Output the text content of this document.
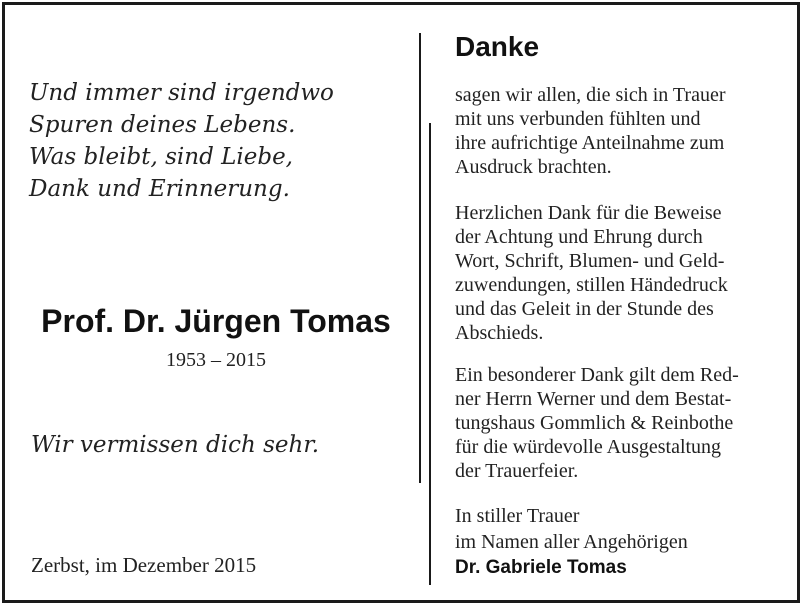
Und immer sind irgendwo
Spuren deines Lebens.
Was bleibt, sind Liebe,
Dank und Erinnerung.
Prof. Dr. Jürgen Tomas
1953 – 2015
Wir vermissen dich sehr.
Zerbst, im Dezember 2015
Danke
sagen wir allen, die sich in Trauer
mit uns verbunden fühlten und
ihre aufrichtige Anteilnahme zum
Ausdruck brachten.
Herzlichen Dank für die Beweise
der Achtung und Ehrung durch
Wort, Schrift, Blumen- und Geld-
zuwendungen, stillen Händedruck
und das Geleit in der Stunde des
Abschieds.
Ein besonderer Dank gilt dem Red-
ner Herrn Werner und dem Bestat-
tungshaus Gommlich & Reinbothe
für die würdevolle Ausgestaltung
der Trauerfeier.
In stiller Trauer
im Namen aller Angehörigen
Dr. Gabriele Tomas
